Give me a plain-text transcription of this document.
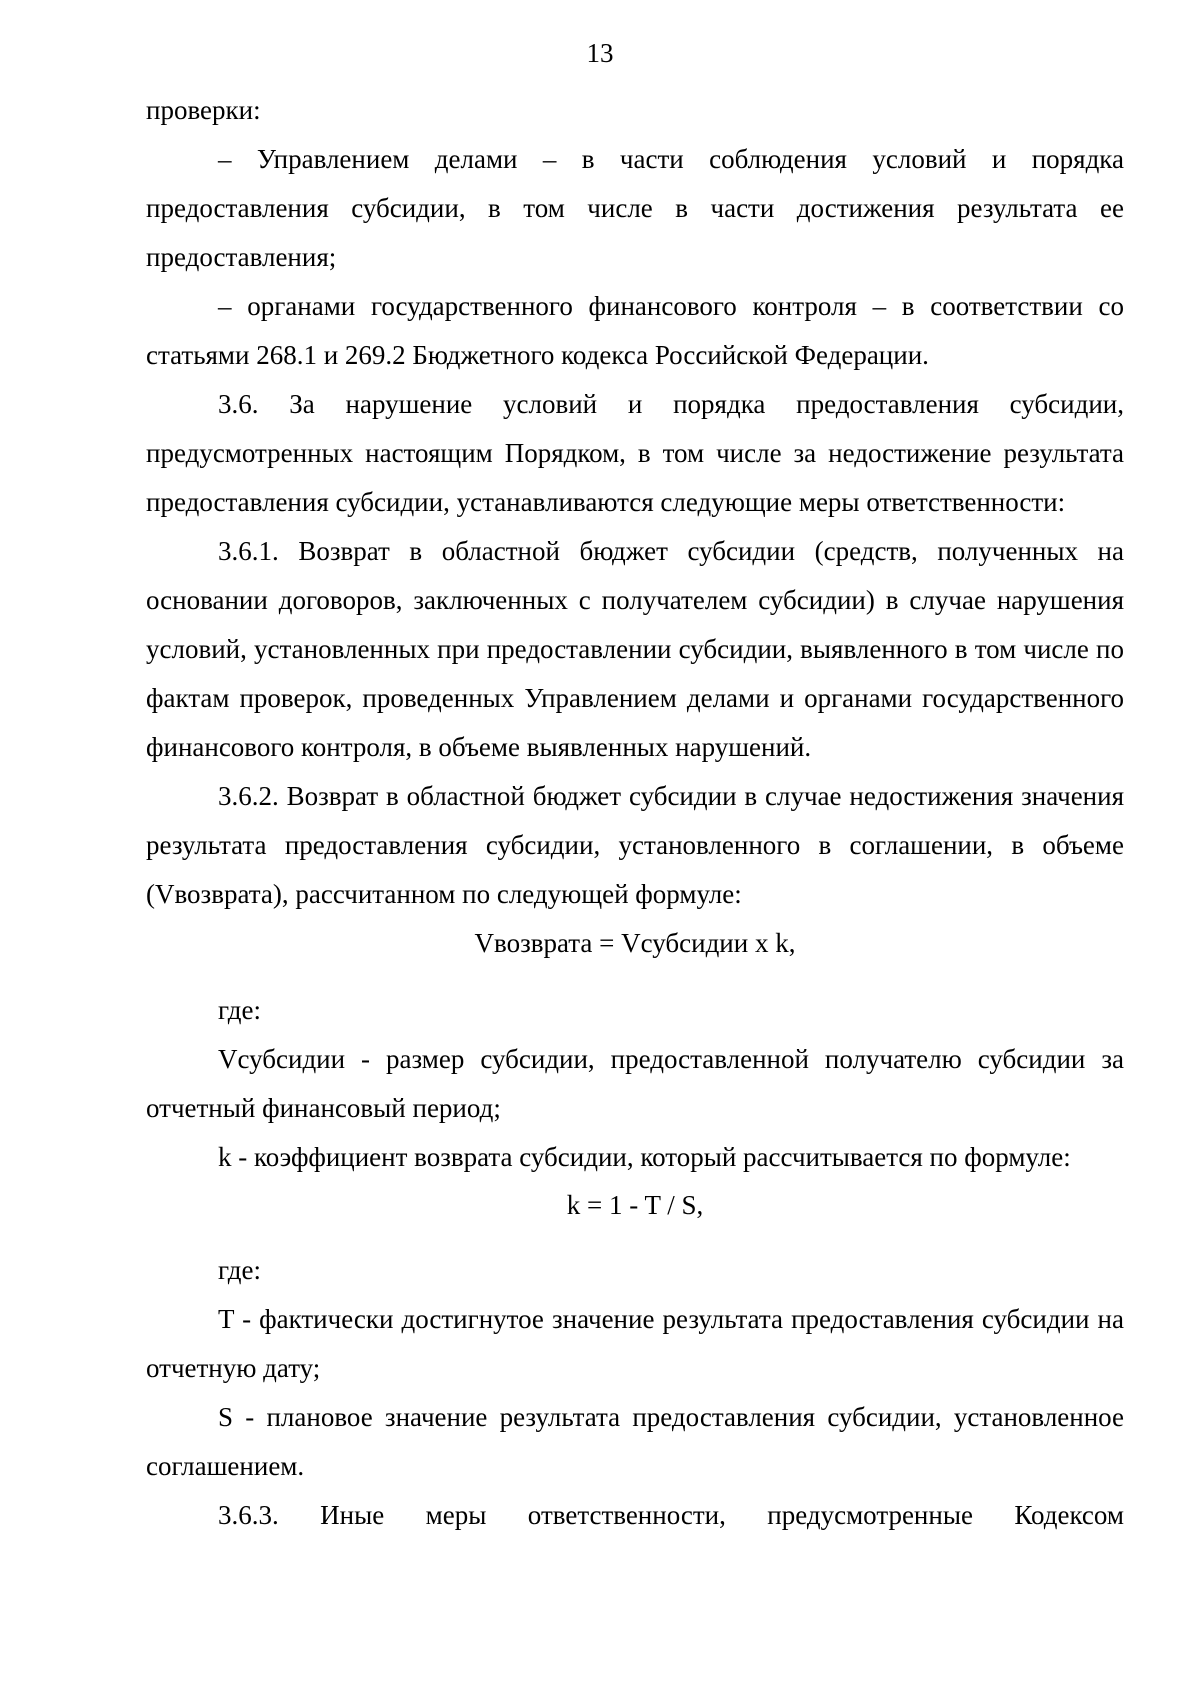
13

проверки:

– Управлением делами – в части соблюдения условий и порядка предоставления субсидии, в том числе в части достижения результата ее предоставления;

– органами государственного финансового контроля – в соответствии со статьями 268.1 и 269.2 Бюджетного кодекса Российской Федерации.

3.6. За нарушение условий и порядка предоставления субсидии, предусмотренных настоящим Порядком, в том числе за недостижение результата предоставления субсидии, устанавливаются следующие меры ответственности:

3.6.1. Возврат в областной бюджет субсидии (средств, полученных на основании договоров, заключенных с получателем субсидии) в случае нарушения условий, установленных при предоставлении субсидии, выявленного в том числе по фактам проверок, проведенных Управлением делами и органами государственного финансового контроля, в объеме выявленных нарушений.

3.6.2. Возврат в областной бюджет субсидии в случае недостижения значения результата предоставления субсидии, установленного в соглашении, в объеме (Vвозврата), рассчитанном по следующей формуле:

Vвозврата = Vсубсидии x k,

где:

Vсубсидии - размер субсидии, предоставленной получателю субсидии за отчетный финансовый период;

k - коэффициент возврата субсидии, который рассчитывается по формуле:

k = 1 - T / S,

где:

T - фактически достигнутое значение результата предоставления субсидии на отчетную дату;

S - плановое значение результата предоставления субсидии, установленное соглашением.

3.6.3. Иные меры ответственности, предусмотренные Кодексом
